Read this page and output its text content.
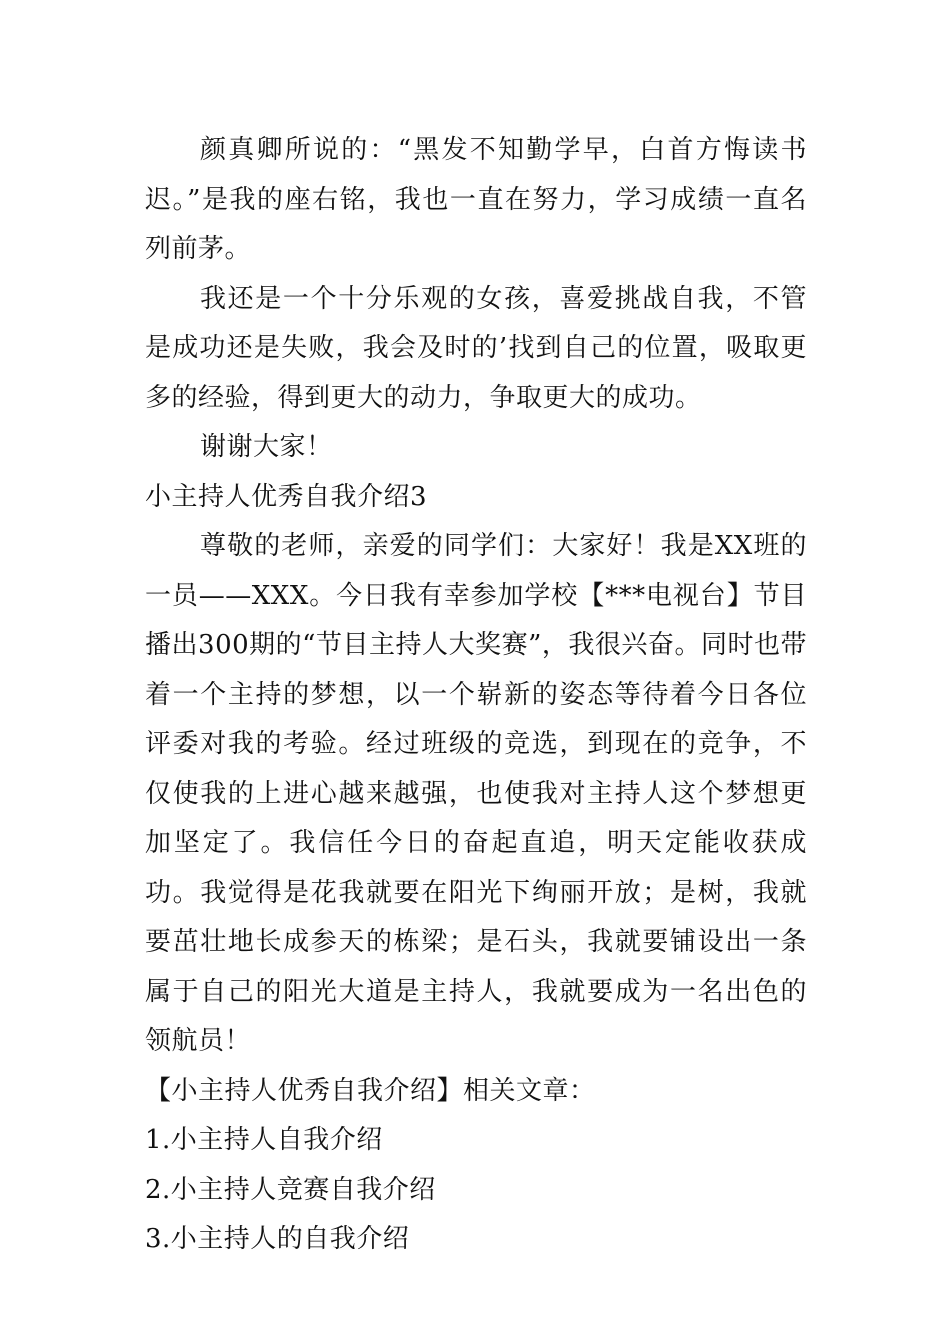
颜真卿所说的：“黑发不知勤学早，白首方悔读书迟。”是我的座右铭，我也一直在努力，学习成绩一直名列前茅。

我还是一个十分乐观的女孩，喜爱挑战自我，不管是成功还是失败，我会及时的’找到自己的位置，吸取更多的经验，得到更大的动力，争取更大的成功。

谢谢大家！

小主持人优秀自我介绍3

尊敬的老师，亲爱的同学们：大家好！我是XX班的一员——XXX。今日我有幸参加学校【***电视台】节目播出300期的“节目主持人大奖赛”，我很兴奋。同时也带着一个主持的梦想，以一个崭新的姿态等待着今日各位评委对我的考验。经过班级的竞选，到现在的竞争，不仅使我的上进心越来越强，也使我对主持人这个梦想更加坚定了。我信任今日的奋起直追，明天定能收获成功。我觉得是花我就要在阳光下绚丽开放；是树，我就要茁壮地长成参天的栋梁；是石头，我就要铺设出一条属于自己的阳光大道是主持人，我就要成为一名出色的领航员！

【小主持人优秀自我介绍】相关文章：

1.小主持人自我介绍

2.小主持人竞赛自我介绍

3.小主持人的自我介绍
